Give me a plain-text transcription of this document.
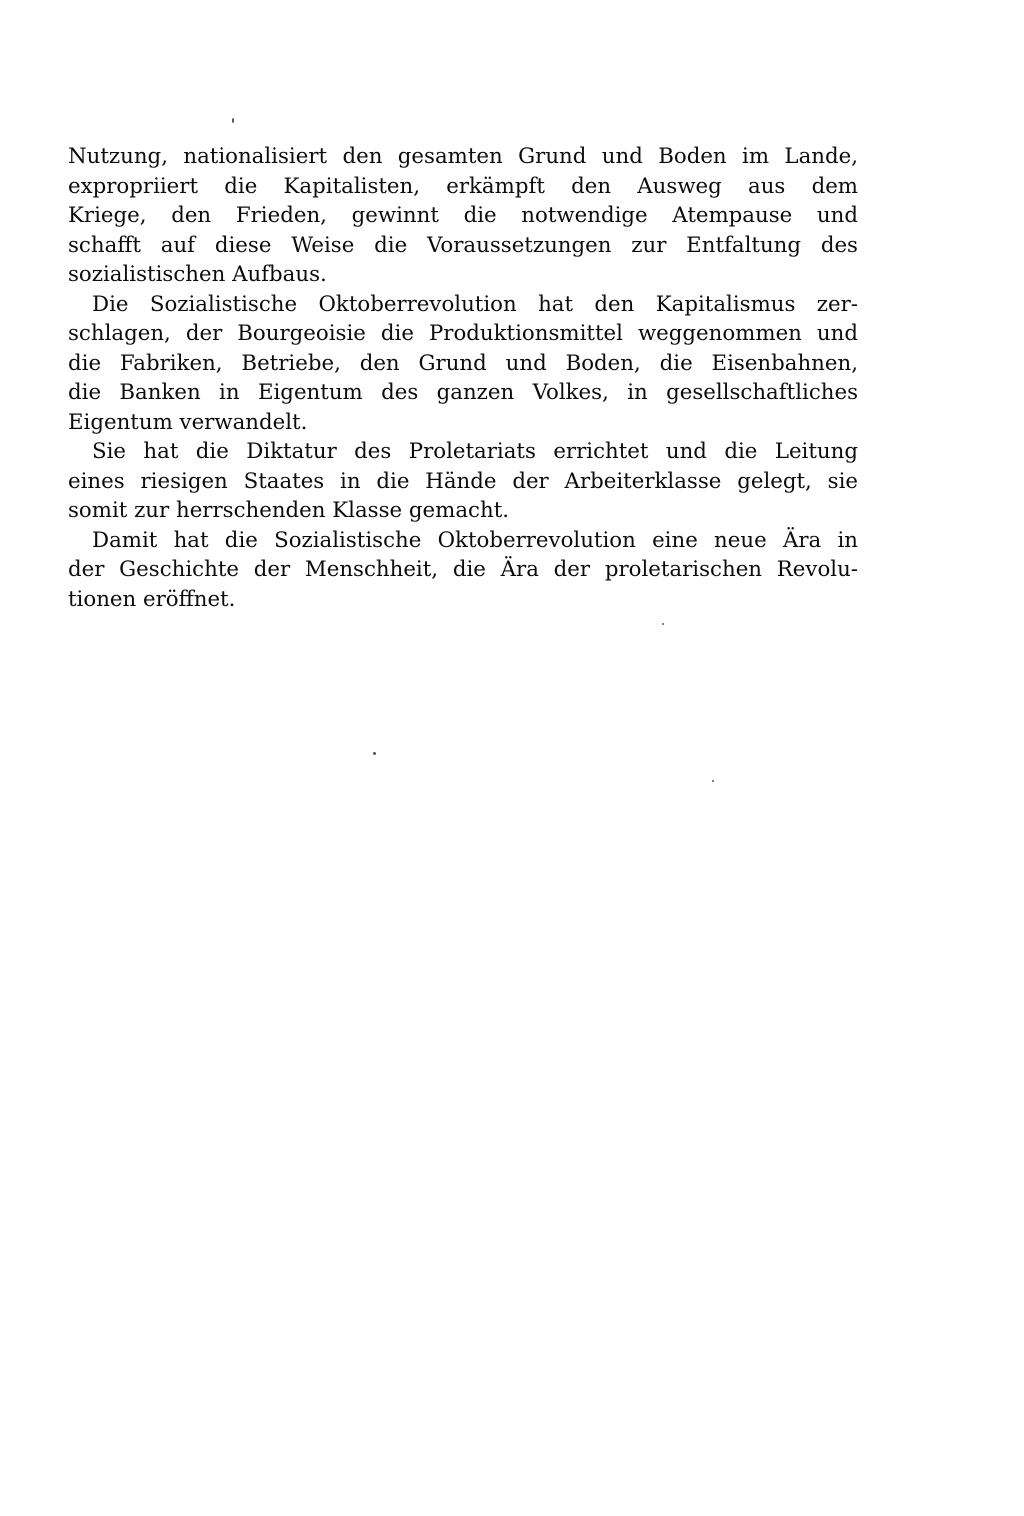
Nutzung, nationalisiert den gesamten Grund und Boden im Lande,
expropriiert die Kapitalisten, erkämpft den Ausweg aus dem
Kriege, den Frieden, gewinnt die notwendige Atempause und
schafft auf diese Weise die Voraussetzungen zur Entfaltung des
sozialistischen Aufbaus.
Die Sozialistische Oktoberrevolution hat den Kapitalismus zer-
schlagen, der Bourgeoisie die Produktionsmittel weggenommen und
die Fabriken, Betriebe, den Grund und Boden, die Eisenbahnen,
die Banken in Eigentum des ganzen Volkes, in gesellschaftliches
Eigentum verwandelt.
Sie hat die Diktatur des Proletariats errichtet und die Leitung
eines riesigen Staates in die Hände der Arbeiterklasse gelegt, sie
somit zur herrschenden Klasse gemacht.
Damit hat die Sozialistische Oktoberrevolution eine neue Ära in
der Geschichte der Menschheit, die Ära der proletarischen Revolu-
tionen eröffnet.
